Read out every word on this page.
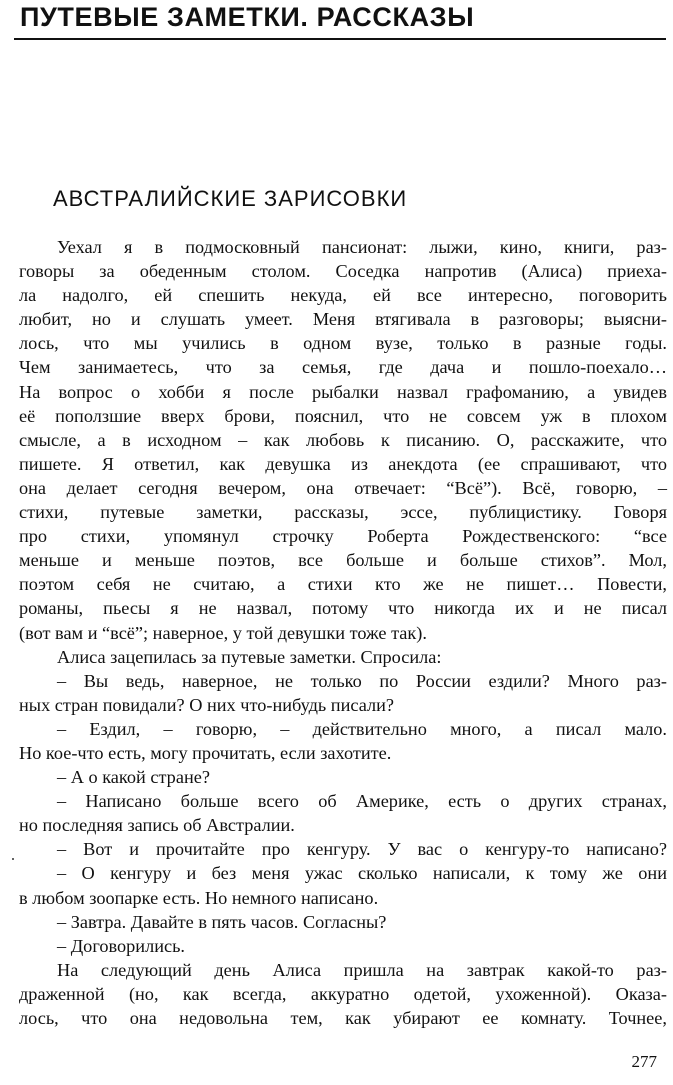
ПУТЕВЫЕ ЗАМЕТКИ. РАССКАЗЫ
АВСТРАЛИЙСКИЕ ЗАРИСОВКИ
Уехал я в подмосковный пансионат: лыжи, кино, книги, раз-
говоры за обеденным столом. Соседка напротив (Алиса) приеха-
ла надолго, ей спешить некуда, ей все интересно, поговорить
любит, но и слушать умеет. Меня втягивала в разговоры; выясни-
лось, что мы учились в одном вузе, только в разные годы.
Чем занимаетесь, что за семья, где дача и пошло-поехало…
На вопрос о хобби я после рыбалки назвал графоманию, а увидев
её поползшие вверх брови, пояснил, что не совсем уж в плохом
смысле, а в исходном – как любовь к писанию. О, расскажите, что
пишете. Я ответил, как девушка из анекдота (ее спрашивают, что
она делает сегодня вечером, она отвечает: “Всё”). Всё, говорю, –
стихи, путевые заметки, рассказы, эссе, публицистику. Говоря
про стихи, упомянул строчку Роберта Рождественского: “все
меньше и меньше поэтов, все больше и больше стихов”. Мол,
поэтом себя не считаю, а стихи кто же не пишет… Повести,
романы, пьесы я не назвал, потому что никогда их и не писал
(вот вам и “всё”; наверное, у той девушки тоже так).
Алиса зацепилась за путевые заметки. Спросила:
– Вы ведь, наверное, не только по России ездили? Много раз-
ных стран повидали? О них что-нибудь писали?
– Ездил, – говорю, – действительно много, а писал мало.
Но кое-что есть, могу прочитать, если захотите.
– А о какой стране?
– Написано больше всего об Америке, есть о других странах,
но последняя запись об Австралии.
– Вот и прочитайте про кенгуру. У вас о кенгуру-то написано?
– О кенгуру и без меня ужас сколько написали, к тому же они
в любом зоопарке есть. Но немного написано.
– Завтра. Давайте в пять часов. Согласны?
– Договорились.
На следующий день Алиса пришла на завтрак какой-то раз-
драженной (но, как всегда, аккуратно одетой, ухоженной). Оказа-
лось, что она недовольна тем, как убирают ее комнату. Точнее,
277
